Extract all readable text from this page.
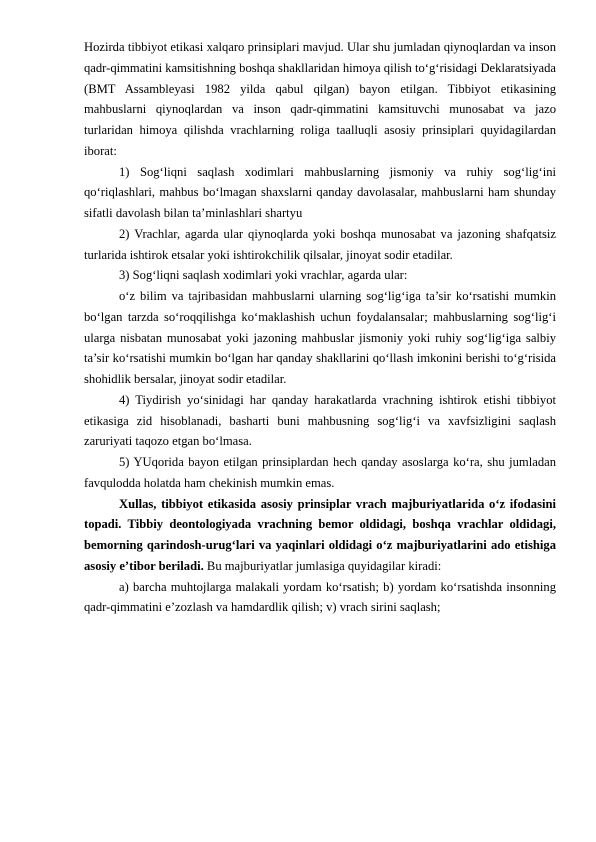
Hozirda tibbiyot etikasi xalqaro prinsiplari mavjud. Ular shu jumladan qiynoqlardan va inson qadr-qimmatini kamsitishning boshqa shakllaridan himoya qilish to‘g‘risidagi Deklaratsiyada (BMT Assambleyasi 1982 yilda qabul qilgan) bayon etilgan. Tibbiyot etikasining mahbuslarni qiynoqlardan va inson qadr-qimmatini kamsituvchi munosabat va jazo turlaridan himoya qilishda vrachlarning roliga taalluqli asosiy prinsiplari quyidagilardan iborat:

1) Sog‘liqni saqlash xodimlari mahbuslarning jismoniy va ruhiy sog‘lig‘ini qo‘riqlashlari, mahbus bo‘lmagan shaxslarni qanday davolasalar, mahbuslarni ham shunday sifatli davolash bilan ta’minlashlari shartyu

2) Vrachlar, agarda ular qiynoqlarda yoki boshqa munosabat va jazoning shafqatsiz turlarida ishtirok etsalar yoki ishtirokchilik qilsalar, jinoyat sodir etadilar.

3) Sog‘liqni saqlash xodimlari yoki vrachlar, agarda ular:

o‘z bilim va tajribasidan mahbuslarni ularning sog‘lig‘iga ta’sir ko‘rsatishi mumkin bo‘lgan tarzda so‘roqqilishga ko‘maklashish uchun foydalansalar; mahbuslarning sog‘lig‘i ularga nisbatan munosabat yoki jazoning mahbuslar jismoniy yoki ruhiy sog‘lig‘iga salbiy ta’sir ko‘rsatishi mumkin bo‘lgan har qanday shakllarini qo‘llash imkonini berishi to‘g‘risida shohidlik bersalar, jinoyat sodir etadilar.

4) Tiydirish yo‘sinidagi har qanday harakatlarda vrachning ishtirok etishi tibbiyot etikasiga zid hisoblanadi, basharti buni mahbusning sog‘lig‘i va xavfsizligini saqlash zaruriyati taqozo etgan bo‘lmasa.

5) YUqorida bayon etilgan prinsiplardan hech qanday asoslarga ko‘ra, shu jumladan favqulodda holatda ham chekinish mumkin emas.

Xullas, tibbiyot etikasida asosiy prinsiplar vrach majburiyatlarida o‘z ifodasini topadi. Tibbiy deontologiyada vrachning bemor oldidagi, boshqa vrachlar oldidagi, bemorning qarindosh-urug‘lari va yaqinlari oldidagi o‘z majburiyatlarini ado etishiga asosiy e’tibor beriladi. Bu majburiyatlar jumlasiga quyidagilar kiradi:

a) barcha muhtojlarga malakali yordam ko‘rsatish; b) yordam ko‘rsatishda insonning qadr-qimmatini e’zozlash va hamdardlik qilish; v) vrach sirini saqlash;
